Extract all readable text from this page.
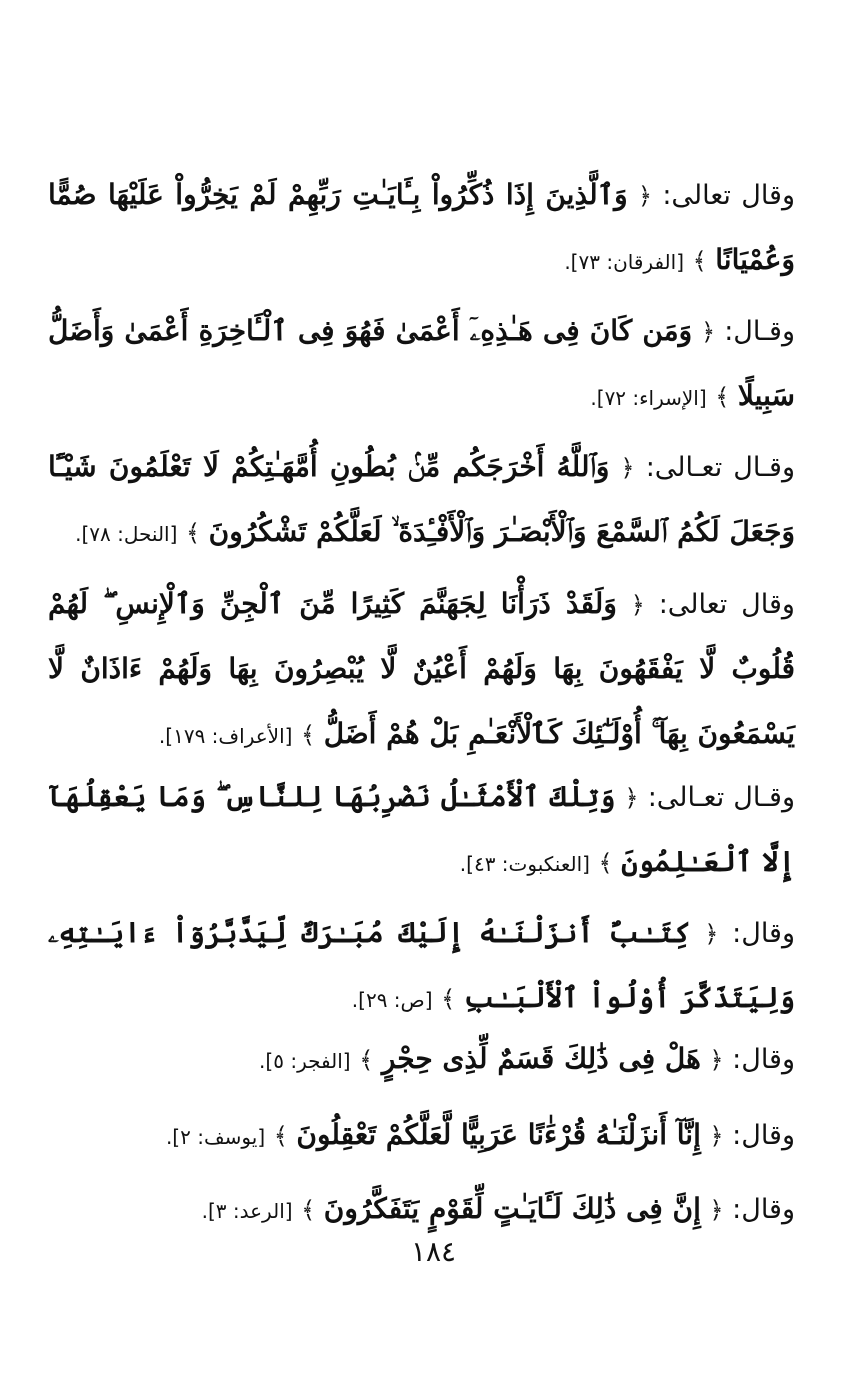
وقال تعالى: ﴿ وَٱلَّذِينَ إِذَا ذُكِّرُواْ بِـَٔايَـٰتِ رَبِّهِمْ لَمْ يَخِرُّواْ عَلَيْهَا صُمًّا وَعُمْيَانًا ﴾ [الفرقان: ٧٣].

وقـال: ﴿ وَمَن كَانَ فِى هَـٰذِهِۦٓ أَعْمَىٰ فَهُوَ فِى ٱلْـَٔاخِرَةِ أَعْمَىٰ وَأَضَلُّ سَبِيلًا ﴾ [الإسراء: ٧٢].

وقـال تعـالى: ﴿ وَٱللَّهُ أَخْرَجَكُم مِّنۢ بُطُونِ أُمَّهَـٰتِكُمْ لَا تَعْلَمُونَ شَيْـًٔا وَجَعَلَ لَكُمُ ٱلسَّمْعَ وَٱلْأَبْصَـٰرَ وَٱلْأَفْـِٔدَةَ ۙ لَعَلَّكُمْ تَشْكُرُونَ ﴾ [النحل: ٧٨].

وقال تعالى: ﴿ وَلَقَدْ ذَرَأْنَا لِجَهَنَّمَ كَثِيرًا مِّنَ ٱلْجِنِّ وَٱلْإِنسِ ۖ لَهُمْ قُلُوبٌ لَّا يَفْقَهُونَ بِهَا وَلَهُمْ أَعْيُنٌ لَّا يُبْصِرُونَ بِهَا وَلَهُمْ ءَاذَانٌ لَّا يَسْمَعُونَ بِهَآ ۚ أُوْلَـٰٓئِكَ كَٱلْأَنْعَـٰمِ بَلْ هُمْ أَضَلُّ ﴾ [الأعراف: ١٧٩].

وقـال تعـالى: ﴿ وَتِلْكَ ٱلْأَمْثَـٰلُ نَضْرِبُهَا لِلنَّاسِ ۖ وَمَا يَعْقِلُهَآ إِلَّا ٱلْعَـٰلِمُونَ ﴾ [العنكبوت: ٤٣].

وقال: ﴿ كِتَـٰبٌ أَنزَلْنَـٰهُ إِلَيْكَ مُبَـٰرَكٌ لِّيَدَّبَّرُوٓاْ ءَايَـٰتِهِۦ وَلِيَتَذَكَّرَ أُوْلُواْ ٱلْأَلْبَـٰبِ ﴾ [ص: ٢٩].

وقال: ﴿ هَلْ فِى ذَٰلِكَ قَسَمٌ لِّذِى حِجْرٍ ﴾ [الفجر: ٥].

وقال: ﴿ إِنَّآ أَنزَلْنَـٰهُ قُرْءَٰنًا عَرَبِيًّا لَّعَلَّكُمْ تَعْقِلُونَ ﴾ [يوسف: ٢].

وقال: ﴿ إِنَّ فِى ذَٰلِكَ لَـَٔايَـٰتٍ لِّقَوْمٍ يَتَفَكَّرُونَ ﴾ [الرعد: ٣].

١٨٤
